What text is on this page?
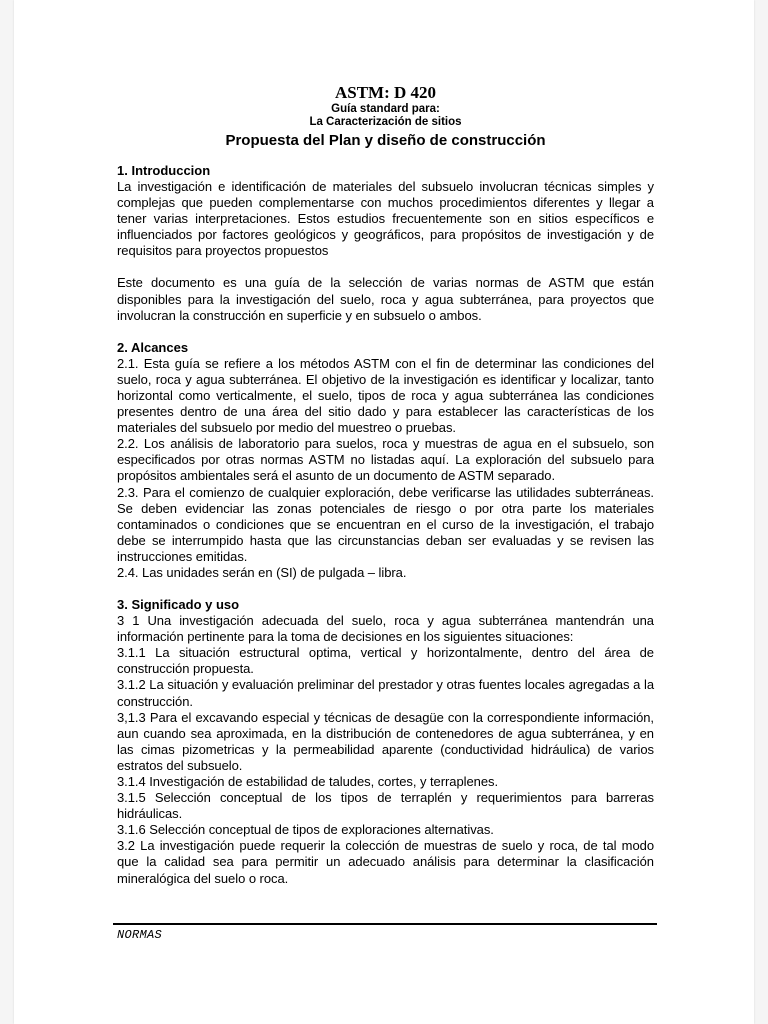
ASTM: D 420

Guía standard para:

La Caracterización de sitios

Propuesta del Plan y diseño de construcción

1. Introduccion

La investigación e identificación de materiales del subsuelo involucran técnicas simples y complejas que pueden complementarse con muchos procedimientos diferentes y llegar a tener varias interpretaciones. Estos estudios frecuentemente son en sitios específicos e influenciados por factores geológicos y geográficos, para propósitos de investigación y de requisitos para proyectos propuestos

Este documento es una guía de la selección de varias normas de ASTM que están disponibles para la investigación del suelo, roca y agua subterránea, para proyectos que involucran la construcción en superficie y en subsuelo o ambos.

2. Alcances

2.1. Esta guía se refiere a los métodos ASTM con el fin de determinar las condiciones del suelo, roca y agua subterránea. El objetivo de la investigación es identificar y localizar, tanto horizontal como verticalmente, el suelo, tipos de roca y agua subterránea las condiciones presentes dentro de una área del sitio dado y para establecer las características de los materiales del subsuelo por medio del muestreo o pruebas.

2.2. Los análisis de laboratorio para suelos, roca y muestras de agua en el subsuelo, son especificados por otras normas ASTM no listadas aquí. La exploración del subsuelo para propósitos ambientales será el asunto de un documento de ASTM separado.

2.3. Para el comienzo de cualquier exploración, debe verificarse las utilidades subterráneas. Se deben evidenciar las zonas potenciales de riesgo o por otra parte los materiales contaminados o condiciones que se encuentran en el curso de la investigación, el trabajo debe se interrumpido hasta que las circunstancias deban ser evaluadas y se revisen las instrucciones emitidas.

2.4. Las unidades serán en (SI) de pulgada – libra.

3. Significado y uso

3 1 Una investigación adecuada del suelo, roca y agua subterránea mantendrán una información pertinente para la toma de decisiones en los siguientes situaciones:

3.1.1 La situación estructural optima, vertical y horizontalmente, dentro del área de construcción propuesta.

3.1.2 La situación y evaluación preliminar del prestador y otras fuentes locales agregadas a la construcción.

3,1.3 Para el excavando especial y técnicas de desagüe con la correspondiente información, aun cuando sea aproximada, en la distribución de contenedores de agua subterránea, y en las cimas pizometricas y la permeabilidad aparente (conductividad hidráulica) de varios estratos del subsuelo.

3.1.4 Investigación de estabilidad de taludes, cortes, y terraplenes.

3.1.5 Selección conceptual de los tipos de terraplén y requerimientos para barreras hidráulicas.

3.1.6 Selección conceptual de tipos de exploraciones alternativas.

3.2 La investigación puede requerir la colección de muestras de suelo y roca, de tal modo que la calidad sea para permitir un adecuado análisis para determinar la clasificación mineralógica del suelo o roca.

NORMAS
